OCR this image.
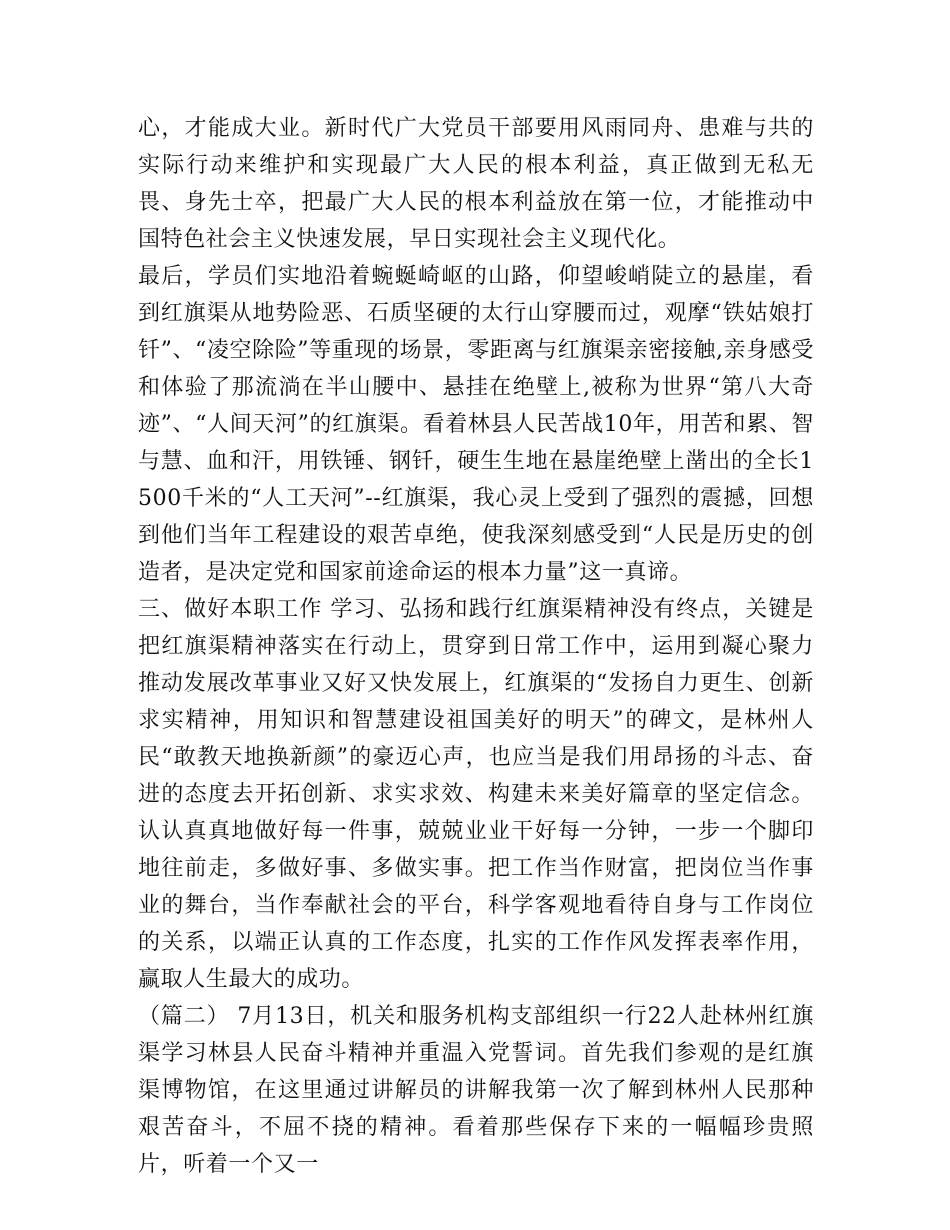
心，才能成大业。新时代广大党员干部要用风雨同舟、患难与共的实际行动来维护和实现最广大人民的根本利益，真正做到无私无畏、身先士卒，把最广大人民的根本利益放在第一位，才能推动中国特色社会主义快速发展，早日实现社会主义现代化。

最后，学员们实地沿着蜿蜒崎岖的山路，仰望峻峭陡立的悬崖，看到红旗渠从地势险恶、石质坚硬的太行山穿腰而过，观摩“铁姑娘打钎”、“凌空除险”等重现的场景，零距离与红旗渠亲密接触,亲身感受和体验了那流淌在半山腰中、悬挂在绝壁上,被称为世界“第八大奇迹”、“人间天河”的红旗渠。看着林县人民苦战10年，用苦和累、智与慧、血和汗，用铁锤、钢钎，硬生生地在悬崖绝壁上凿出的全长1500千米的“人工天河”--红旗渠，我心灵上受到了强烈的震撼，回想到他们当年工程建设的艰苦卓绝，使我深刻感受到“人民是历史的创造者，是决定党和国家前途命运的根本力量”这一真谛。

三、做好本职工作 学习、弘扬和践行红旗渠精神没有终点，关键是把红旗渠精神落实在行动上，贯穿到日常工作中，运用到凝心聚力推动发展改革事业又好又快发展上，红旗渠的“发扬自力更生、创新求实精神，用知识和智慧建设祖国美好的明天”的碑文，是林州人民“敢教天地换新颜”的豪迈心声，也应当是我们用昂扬的斗志、奋进的态度去开拓创新、求实求效、构建未来美好篇章的坚定信念。认认真真地做好每一件事，兢兢业业干好每一分钟，一步一个脚印地往前走，多做好事、多做实事。把工作当作财富，把岗位当作事业的舞台，当作奉献社会的平台，科学客观地看待自身与工作岗位的关系，以端正认真的工作态度，扎实的工作作风发挥表率作用，赢取人生最大的成功。

（篇二） 7月13日，机关和服务机构支部组织一行22人赴林州红旗渠学习林县人民奋斗精神并重温入党誓词。首先我们参观的是红旗渠博物馆，在这里通过讲解员的讲解我第一次了解到林州人民那种艰苦奋斗，不屈不挠的精神。看着那些保存下来的一幅幅珍贵照片，听着一个又一
